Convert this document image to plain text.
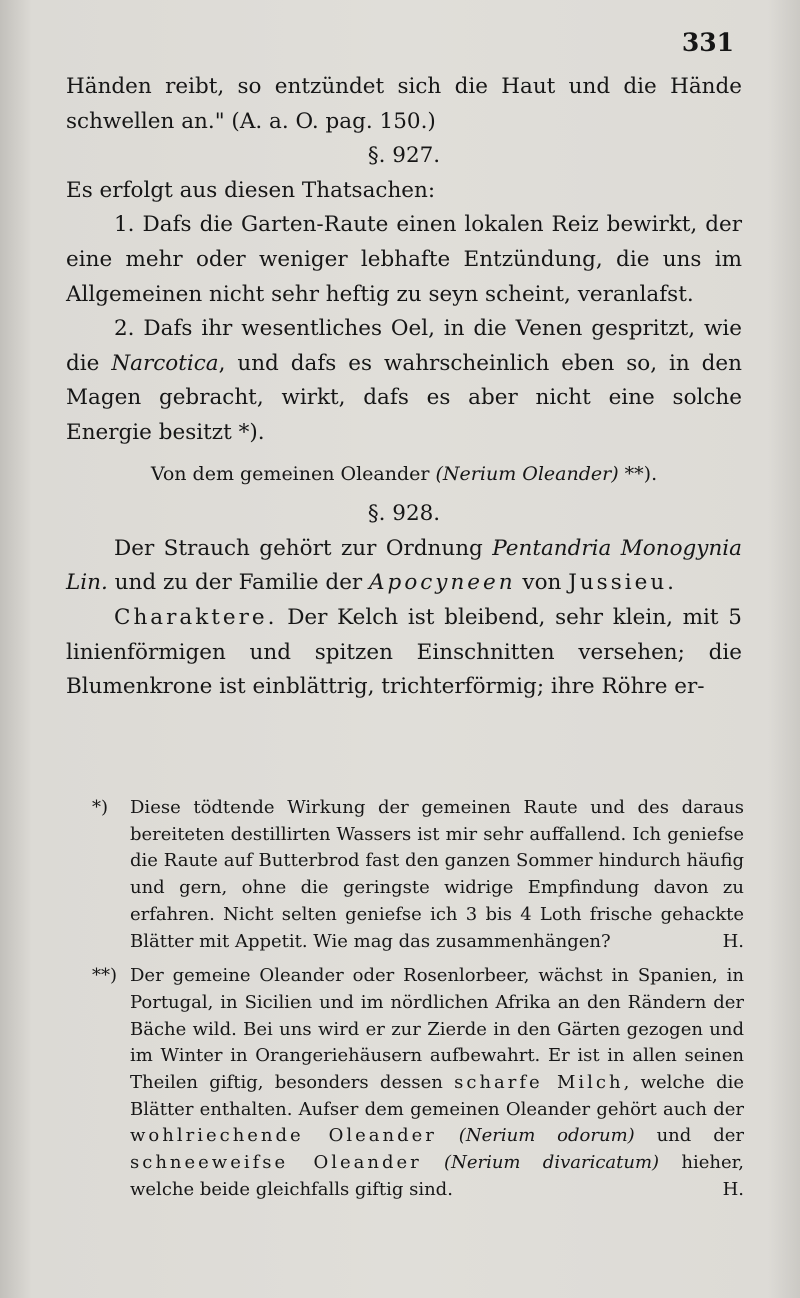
331

Händen reibt, so entzündet sich die Haut und die Hände schwellen an." (A. a. O. pag. 150.)

§. 927.

Es erfolgt aus diesen Thatsachen:

1. Dafs die Garten-Raute einen lokalen Reiz bewirkt, der eine mehr oder weniger lebhafte Entzündung, die uns im Allgemeinen nicht sehr heftig zu seyn scheint, veranlafst.

2. Dafs ihr wesentliches Oel, in die Venen gespritzt, wie die Narcotica, und dafs es wahrscheinlich eben so, in den Magen gebracht, wirkt, dafs es aber nicht eine solche Energie besitzt *).

Von dem gemeinen Oleander (Nerium Oleander) **).

§. 928.

Der Strauch gehört zur Ordnung Pentandria Monogynia Lin. und zu der Familie der Apocyneen von Jussieu.

Charaktere. Der Kelch ist bleibend, sehr klein, mit 5 linienförmigen und spitzen Einschnitten versehen; die Blumenkrone ist einblättrig, trichterförmig; ihre Röhre er-

*) Diese tödtende Wirkung der gemeinen Raute und des daraus bereiteten destillirten Wassers ist mir sehr auffallend. Ich geniefse die Raute auf Butterbrod fast den ganzen Sommer hindurch häufig und gern, ohne die geringste widrige Empfindung davon zu erfahren. Nicht selten geniefse ich 3 bis 4 Loth frische gehackte Blätter mit Appetit. Wie mag das zusammenhängen?	H.
**) Der gemeine Oleander oder Rosenlorbeer, wächst in Spanien, in Portugal, in Sicilien und im nördlichen Afrika an den Rändern der Bäche wild. Bei uns wird er zur Zierde in den Gärten gezogen und im Winter in Orangeriehäusern aufbewahrt. Er ist in allen seinen Theilen giftig, besonders dessen scharfe Milch, welche die Blätter enthalten. Aufser dem gemeinen Oleander gehört auch der wohlriechende Oleander (Nerium odorum) und der schneeweifse Oleander (Nerium divaricatum) hieher, welche beide gleichfalls giftig sind.	H.
